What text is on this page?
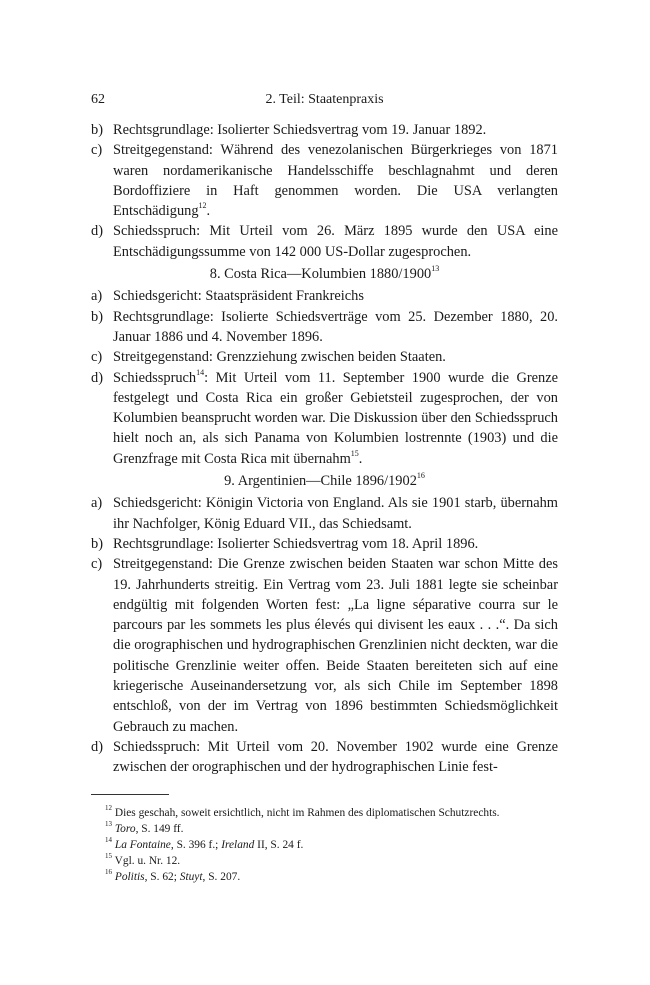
62	2. Teil: Staatenpraxis
b) Rechtsgrundlage: Isolierter Schiedsvertrag vom 19. Januar 1892.
c) Streitgegenstand: Während des venezolanischen Bürgerkrieges von 1871 waren nordamerikanische Handelsschiffe beschlagnahmt und deren Bordoffiziere in Haft genommen worden. Die USA verlangten Entschädigung$^{12}$.
d) Schiedsspruch: Mit Urteil vom 26. März 1895 wurde den USA eine Entschädigungssumme von 142 000 US-Dollar zugesprochen.
8. Costa Rica—Kolumbien 1880/1900$^{13}$
a) Schiedsgericht: Staatspräsident Frankreichs
b) Rechtsgrundlage: Isolierte Schiedsverträge vom 25. Dezember 1880, 20. Januar 1886 und 4. November 1896.
c) Streitgegenstand: Grenzziehung zwischen beiden Staaten.
d) Schiedsspruch$^{14}$: Mit Urteil vom 11. September 1900 wurde die Grenze festgelegt und Costa Rica ein großer Gebietsteil zugesprochen, der von Kolumbien beansprucht worden war. Die Diskussion über den Schiedsspruch hielt noch an, als sich Panama von Kolumbien lostrennte (1903) und die Grenzfrage mit Costa Rica mit übernahm$^{15}$.
9. Argentinien—Chile 1896/1902$^{16}$
a) Schiedsgericht: Königin Victoria von England. Als sie 1901 starb, übernahm ihr Nachfolger, König Eduard VII., das Schiedsamt.
b) Rechtsgrundlage: Isolierter Schiedsvertrag vom 18. April 1896.
c) Streitgegenstand: Die Grenze zwischen beiden Staaten war schon Mitte des 19. Jahrhunderts streitig. Ein Vertrag vom 23. Juli 1881 legte sie scheinbar endgültig mit folgenden Worten fest: „La ligne séparative courra sur le parcours par les sommets les plus élevés qui divisent les eaux . . .“. Da sich die orographischen und hydrographischen Grenzlinien nicht deckten, war die politische Grenzlinie weiter offen. Beide Staaten bereiteten sich auf eine kriegerische Auseinandersetzung vor, als sich Chile im September 1898 entschloß, von der im Vertrag von 1896 bestimmten Schiedsmöglichkeit Gebrauch zu machen.
d) Schiedsspruch: Mit Urteil vom 20. November 1902 wurde eine Grenze zwischen der orographischen und der hydrographischen Linie fest-
$^{12}$ Dies geschah, soweit ersichtlich, nicht im Rahmen des diplomatischen Schutzrechts.
$^{13}$ Toro, S. 149 ff.
$^{14}$ La Fontaine, S. 396 f.; Ireland II, S. 24 f.
$^{15}$ Vgl. u. Nr. 12.
$^{16}$ Politis, S. 62; Stuyt, S. 207.
